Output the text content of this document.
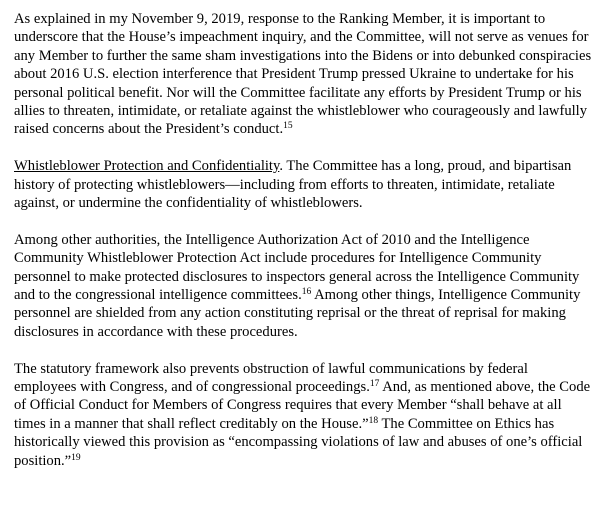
As explained in my November 9, 2019, response to the Ranking Member, it is important to underscore that the House’s impeachment inquiry, and the Committee, will not serve as venues for any Member to further the same sham investigations into the Bidens or into debunked conspiracies about 2016 U.S. election interference that President Trump pressed Ukraine to undertake for his personal political benefit. Nor will the Committee facilitate any efforts by President Trump or his allies to threaten, intimidate, or retaliate against the whistleblower who courageously and lawfully raised concerns about the President’s conduct.$^{15}$

Whistleblower Protection and Confidentiality. The Committee has a long, proud, and bipartisan history of protecting whistleblowers—including from efforts to threaten, intimidate, retaliate against, or undermine the confidentiality of whistleblowers.

Among other authorities, the Intelligence Authorization Act of 2010 and the Intelligence Community Whistleblower Protection Act include procedures for Intelligence Community personnel to make protected disclosures to inspectors general across the Intelligence Community and to the congressional intelligence committees.$^{16}$ Among other things, Intelligence Community personnel are shielded from any action constituting reprisal or the threat of reprisal for making disclosures in accordance with these procedures.

The statutory framework also prevents obstruction of lawful communications by federal employees with Congress, and of congressional proceedings.$^{17}$ And, as mentioned above, the Code of Official Conduct for Members of Congress requires that every Member “shall behave at all times in a manner that shall reflect creditably on the House.”$^{18}$ The Committee on Ethics has historically viewed this provision as “encompassing violations of law and abuses of one’s official position.”$^{19}$
